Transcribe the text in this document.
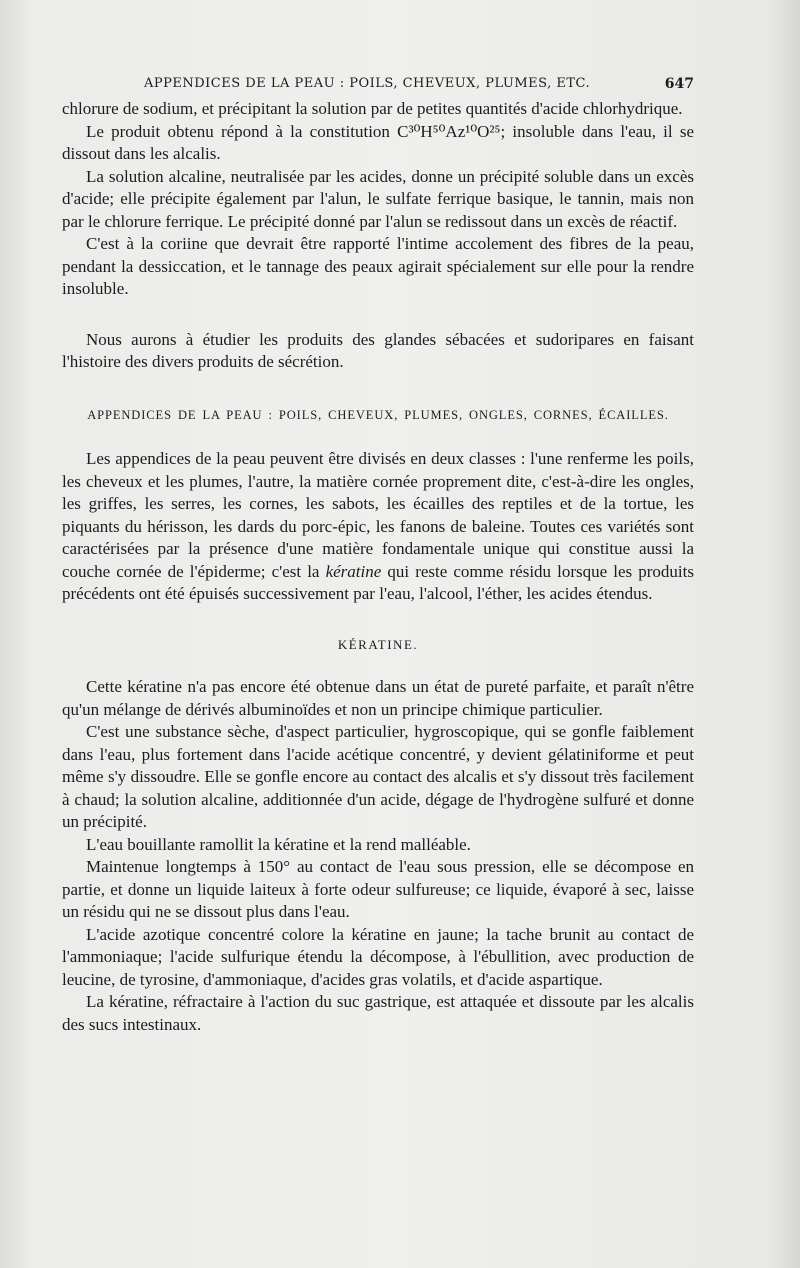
APPENDICES DE LA PEAU : POILS, CHEVEUX, PLUMES, ETC.	647

chlorure de sodium, et précipitant la solution par de petites quantités d'acide chlorhydrique.

Le produit obtenu répond à la constitution C³⁰H⁵⁰Az¹⁰O²⁵; insoluble dans l'eau, il se dissout dans les alcalis.

La solution alcaline, neutralisée par les acides, donne un précipité soluble dans un excès d'acide; elle précipite également par l'alun, le sulfate ferrique basique, le tannin, mais non par le chlorure ferrique. Le précipité donné par l'alun se redissout dans un excès de réactif.

C'est à la coriine que devrait être rapporté l'intime accolement des fibres de la peau, pendant la dessiccation, et le tannage des peaux agirait spécialement sur elle pour la rendre insoluble.

Nous aurons à étudier les produits des glandes sébacées et sudoripares en faisant l'histoire des divers produits de sécrétion.

APPENDICES DE LA PEAU : POILS, CHEVEUX, PLUMES, ONGLES, CORNES, ÉCAILLES.

Les appendices de la peau peuvent être divisés en deux classes : l'une renferme les poils, les cheveux et les plumes, l'autre, la matière cornée proprement dite, c'est-à-dire les ongles, les griffes, les serres, les cornes, les sabots, les écailles des reptiles et de la tortue, les piquants du hérisson, les dards du porc-épic, les fanons de baleine. Toutes ces variétés sont caractérisées par la présence d'une matière fondamentale unique qui constitue aussi la couche cornée de l'épiderme; c'est la kératine qui reste comme résidu lorsque les produits précédents ont été épuisés successivement par l'eau, l'alcool, l'éther, les acides étendus.

KÉRATINE.

Cette kératine n'a pas encore été obtenue dans un état de pureté parfaite, et paraît n'être qu'un mélange de dérivés albuminoïdes et non un principe chimique particulier.

C'est une substance sèche, d'aspect particulier, hygroscopique, qui se gonfle faiblement dans l'eau, plus fortement dans l'acide acétique concentré, y devient gélatiniforme et peut même s'y dissoudre. Elle se gonfle encore au contact des alcalis et s'y dissout très facilement à chaud; la solution alcaline, additionnée d'un acide, dégage de l'hydrogène sulfuré et donne un précipité.

L'eau bouillante ramollit la kératine et la rend malléable.

Maintenue longtemps à 150° au contact de l'eau sous pression, elle se décompose en partie, et donne un liquide laiteux à forte odeur sulfureuse; ce liquide, évaporé à sec, laisse un résidu qui ne se dissout plus dans l'eau.

L'acide azotique concentré colore la kératine en jaune; la tache brunit au contact de l'ammoniaque; l'acide sulfurique étendu la décompose, à l'ébullition, avec production de leucine, de tyrosine, d'ammoniaque, d'acides gras volatils, et d'acide aspartique.

La kératine, réfractaire à l'action du suc gastrique, est attaquée et dissoute par les alcalis des sucs intestinaux.
